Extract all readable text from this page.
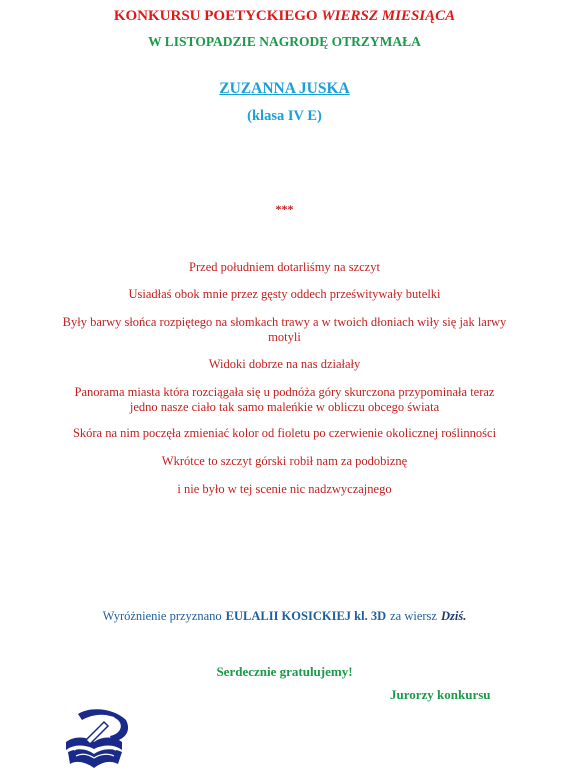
KONKURSU POETYCKIEGO WIERSZ MIESIĄCA
W LISTOPADZIE NAGRODĘ OTRZYMAŁA
ZUZANNA JUSKA
(klasa IV E)
***
Przed południem dotarliśmy na szczyt
Usiadłaś obok mnie przez gęsty oddech prześwitywały butelki
Były barwy słońca rozpiętego na słomkach trawy a w twoich dłoniach wiły się jak larwy motyli
Widoki dobrze na nas działały
Panorama miasta która rozciągała się u podnóża góry skurczona przypominała teraz jedno nasze ciało tak samo maleńkie w obliczu obcego świata
Skóra na nim poczęła zmieniać kolor od fioletu po czerwienie okolicznej roślinności
Wkrótce to szczyt górski robił nam za podobiznę
i nie było w tej scenie nic nadzwyczajnego
Wyróżnienie przyznano EULALII KOSICKIEJ kl. 3D za wiersz Dziś.
Serdecznie gratulujemy!
Jurorzy konkursu
